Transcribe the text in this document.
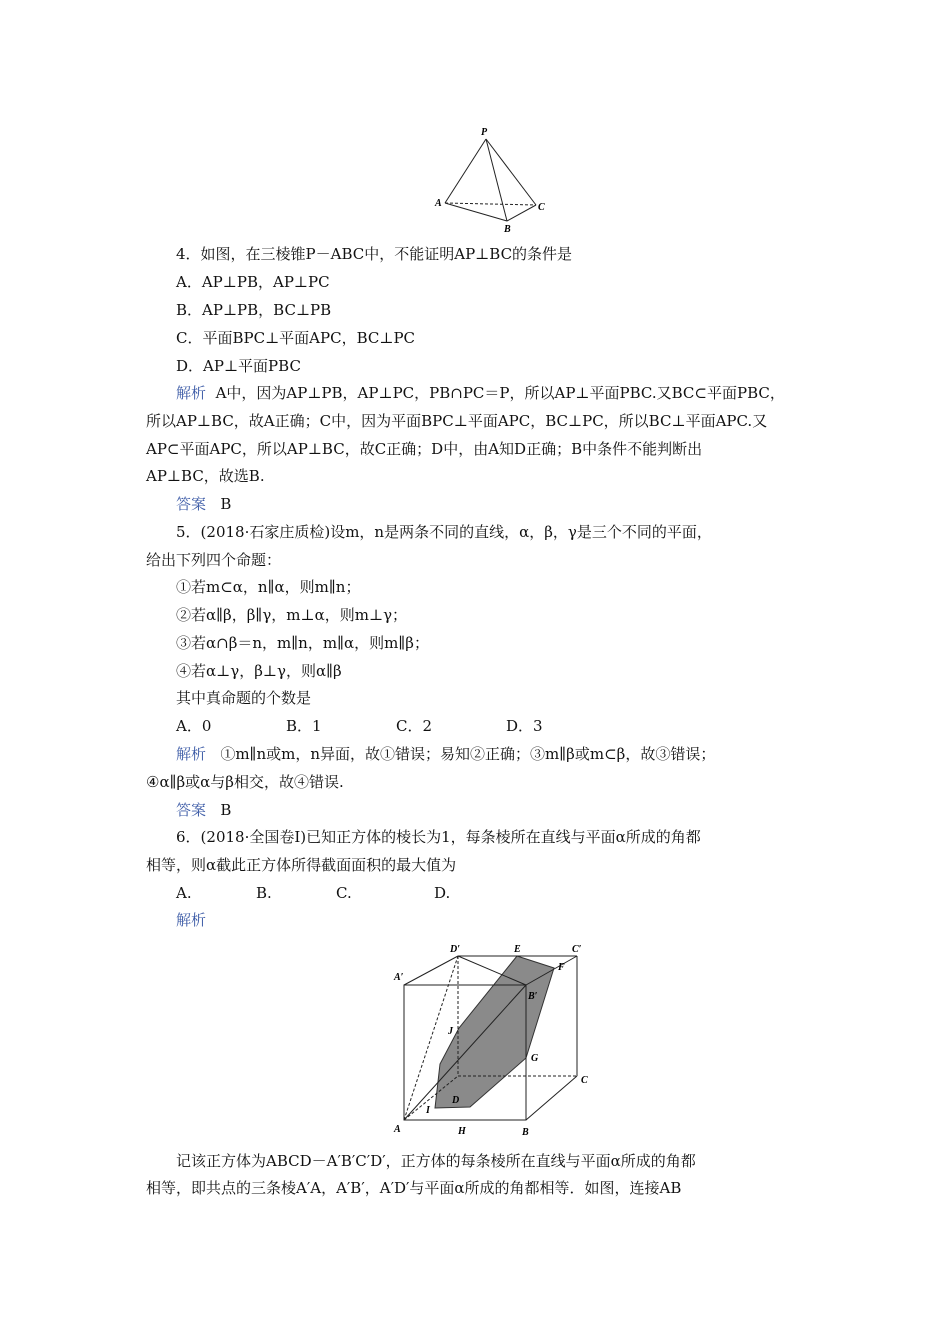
P
A
B
C
4．如图，在三棱锥P－ABC中，不能证明AP⊥BC的条件是
A．AP⊥PB，AP⊥PC
B．AP⊥PB，BC⊥PB
C．平面BPC⊥平面APC，BC⊥PC
D．AP⊥平面PBC
解析 A中，因为AP⊥PB，AP⊥PC，PB∩PC＝P，所以AP⊥平面PBC.又BC⊂平面PBC，
所以AP⊥BC，故A正确；C中，因为平面BPC⊥平面APC，BC⊥PC，所以BC⊥平面APC.又
AP⊂平面APC，所以AP⊥BC，故C正确；D中，由A知D正确；B中条件不能判断出
AP⊥BC，故选B.
答案 B
5．(2018·石家庄质检)设m，n是两条不同的直线，α，β，γ是三个不同的平面，
给出下列四个命题：
①若m⊂α，n∥α，则m∥n；
②若α∥β，β∥γ，m⊥α，则m⊥γ；
③若α∩β＝n，m∥n，m∥α，则m∥β；
④若α⊥γ，β⊥γ，则α∥β
其中真命题的个数是
A．0	B．1	C．2	D．3
解析 ①m∥n或m，n异面，故①错误；易知②正确；③m∥β或m⊂β，故③错误；
④α∥β或α与β相交，故④错误.
答案 B
6．(2018·全国卷Ⅰ)已知正方体的棱长为1，每条棱所在直线与平面α所成的角都
相等，则α截此正方体所得截面面积的最大值为
A.	B.	C.	D.
解析
D′	E	C′
A′
B′
F
J
G
C
D
I
A	H	B
记该正方体为ABCD－A′B′C′D′，正方体的每条棱所在直线与平面α所成的角都
相等，即共点的三条棱A′A，A′B′，A′D′与平面α所成的角都相等．如图，连接AB
